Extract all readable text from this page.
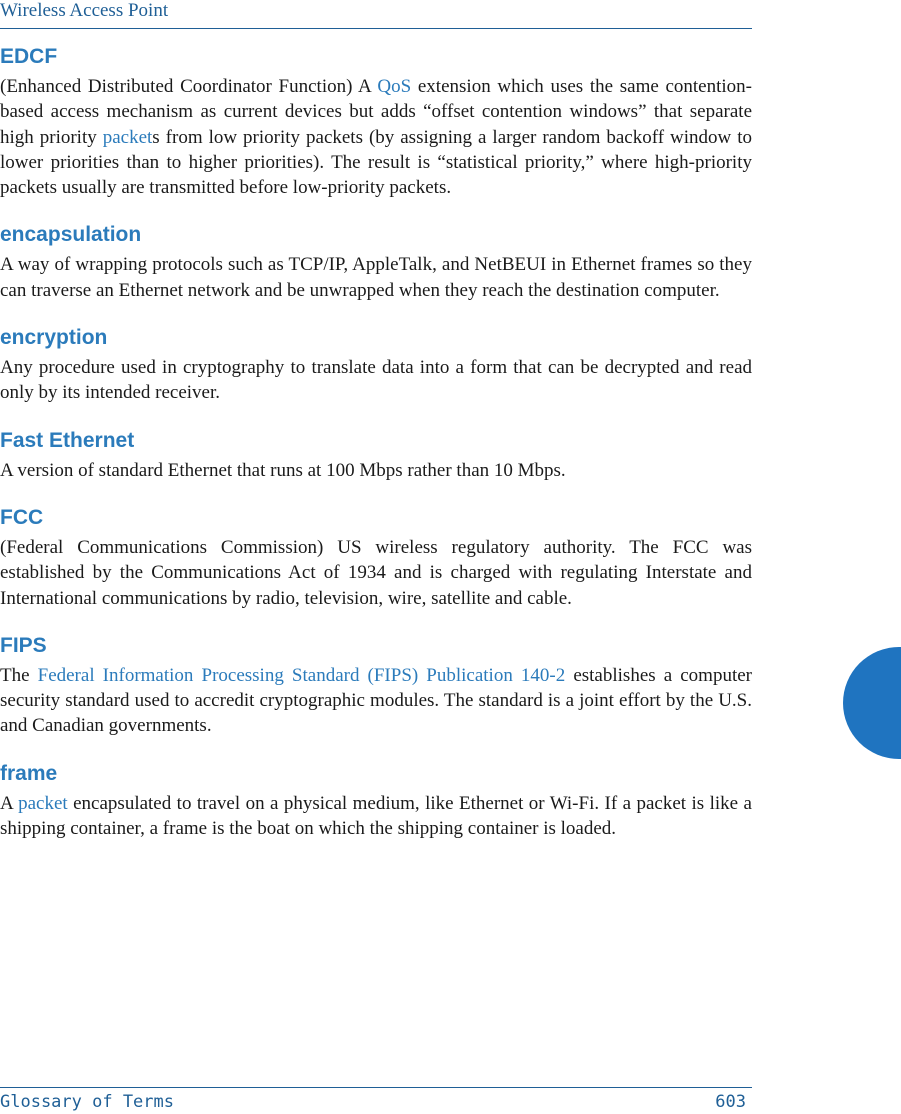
Wireless Access Point
EDCF

(Enhanced Distributed Coordinator Function) A QoS extension which uses the same contention-based access mechanism as current devices but adds “offset contention windows” that separate high priority packets from low priority packets (by assigning a larger random backoff window to lower priorities than to higher priorities). The result is “statistical priority,” where high-priority packets usually are transmitted before low-priority packets.

encapsulation

A way of wrapping protocols such as TCP/IP, AppleTalk, and NetBEUI in Ethernet frames so they can traverse an Ethernet network and be unwrapped when they reach the destination computer.

encryption

Any procedure used in cryptography to translate data into a form that can be decrypted and read only by its intended receiver.

Fast Ethernet

A version of standard Ethernet that runs at 100 Mbps rather than 10 Mbps.

FCC

(Federal Communications Commission) US wireless regulatory authority. The FCC was established by the Communications Act of 1934 and is charged with regulating Interstate and International communications by radio, television, wire, satellite and cable.

FIPS

The Federal Information Processing Standard (FIPS) Publication 140-2 establishes a computer security standard used to accredit cryptographic modules. The standard is a joint effort by the U.S. and Canadian governments.

frame

A packet encapsulated to travel on a physical medium, like Ethernet or Wi-Fi. If a packet is like a shipping container, a frame is the boat on which the shipping container is loaded.

Glossary of Terms	603
